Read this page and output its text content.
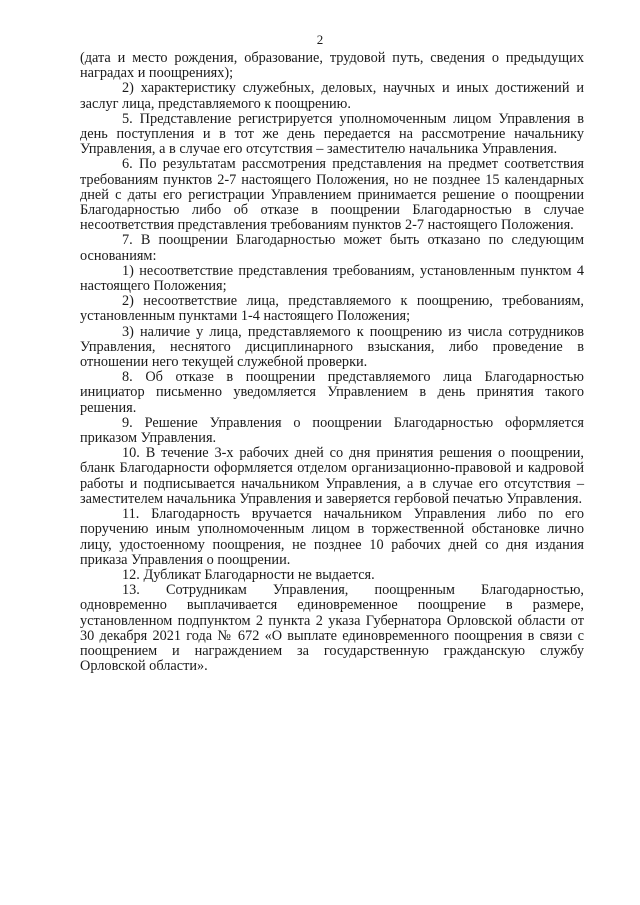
2

(дата и место рождения, образование, трудовой путь, сведения о предыдущих наградах и поощрениях);

2) характеристику служебных, деловых, научных и иных достижений и заслуг лица, представляемого к поощрению.

5. Представление регистрируется уполномоченным лицом Управления в день поступления и в тот же день передается на рассмотрение начальнику Управления, а в случае его отсутствия – заместителю начальника Управления.

6. По результатам рассмотрения представления на предмет соответствия требованиям пунктов 2-7 настоящего Положения, но не позднее 15 календарных дней с даты его регистрации Управлением принимается решение о поощрении Благодарностью либо об отказе в поощрении Благодарностью в случае несоответствия представления требованиям пунктов 2-7 настоящего Положения.

7. В поощрении Благодарностью может быть отказано по следующим основаниям:

1) несоответствие представления требованиям, установленным пунктом 4 настоящего Положения;

2) несоответствие лица, представляемого к поощрению, требованиям, установленным пунктами 1-4 настоящего Положения;

3) наличие у лица, представляемого к поощрению из числа сотрудников Управления, неснятого дисциплинарного взыскания, либо проведение в отношении него текущей служебной проверки.

8. Об отказе в поощрении представляемого лица Благодарностью инициатор письменно уведомляется Управлением в день принятия такого решения.

9. Решение Управления о поощрении Благодарностью оформляется приказом Управления.

10. В течение 3-х рабочих дней со дня принятия решения о поощрении, бланк Благодарности оформляется отделом организационно-правовой и кадровой работы и подписывается начальником Управления, а в случае его отсутствия – заместителем начальника Управления и заверяется гербовой печатью Управления.

11. Благодарность вручается начальником Управления либо по его поручению иным уполномоченным лицом в торжественной обстановке лично лицу, удостоенному поощрения, не позднее 10 рабочих дней со дня издания приказа Управления о поощрении.

12. Дубликат Благодарности не выдается.

13. Сотрудникам Управления, поощренным Благодарностью, одновременно выплачивается единовременное поощрение в размере, установленном подпунктом 2 пункта 2 указа Губернатора Орловской области от 30 декабря 2021 года № 672 «О выплате единовременного поощрения в связи с поощрением и награждением за государственную гражданскую службу Орловской области».
